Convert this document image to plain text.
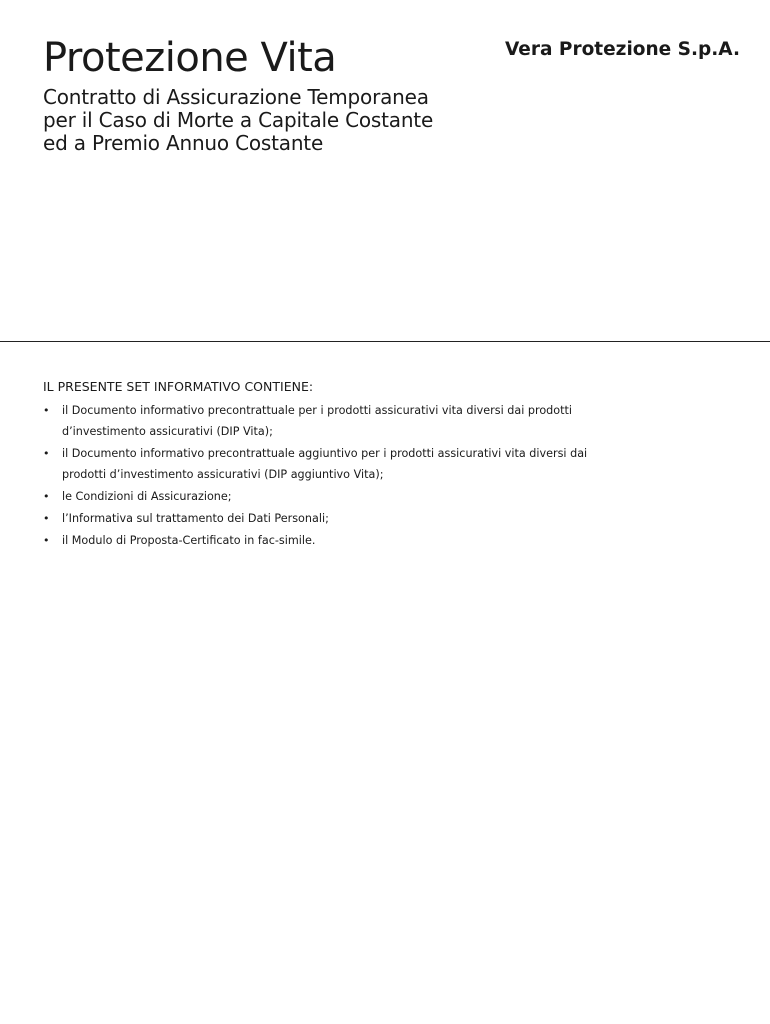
Protezione Vita	Vera Protezione S.p.A.
Contratto di Assicurazione Temporanea
per il Caso di Morte a Capitale Costante
ed a Premio Annuo Costante
IL PRESENTE SET INFORMATIVO CONTIENE:
• il Documento informativo precontrattuale per i prodotti assicurativi vita diversi dai prodotti
d’investimento assicurativi (DIP Vita);
• il Documento informativo precontrattuale aggiuntivo per i prodotti assicurativi vita diversi dai
prodotti d’investimento assicurativi (DIP aggiuntivo Vita);
• le Condizioni di Assicurazione;
• l’Informativa sul trattamento dei Dati Personali;
• il Modulo di Proposta-Certificato in fac-simile.
